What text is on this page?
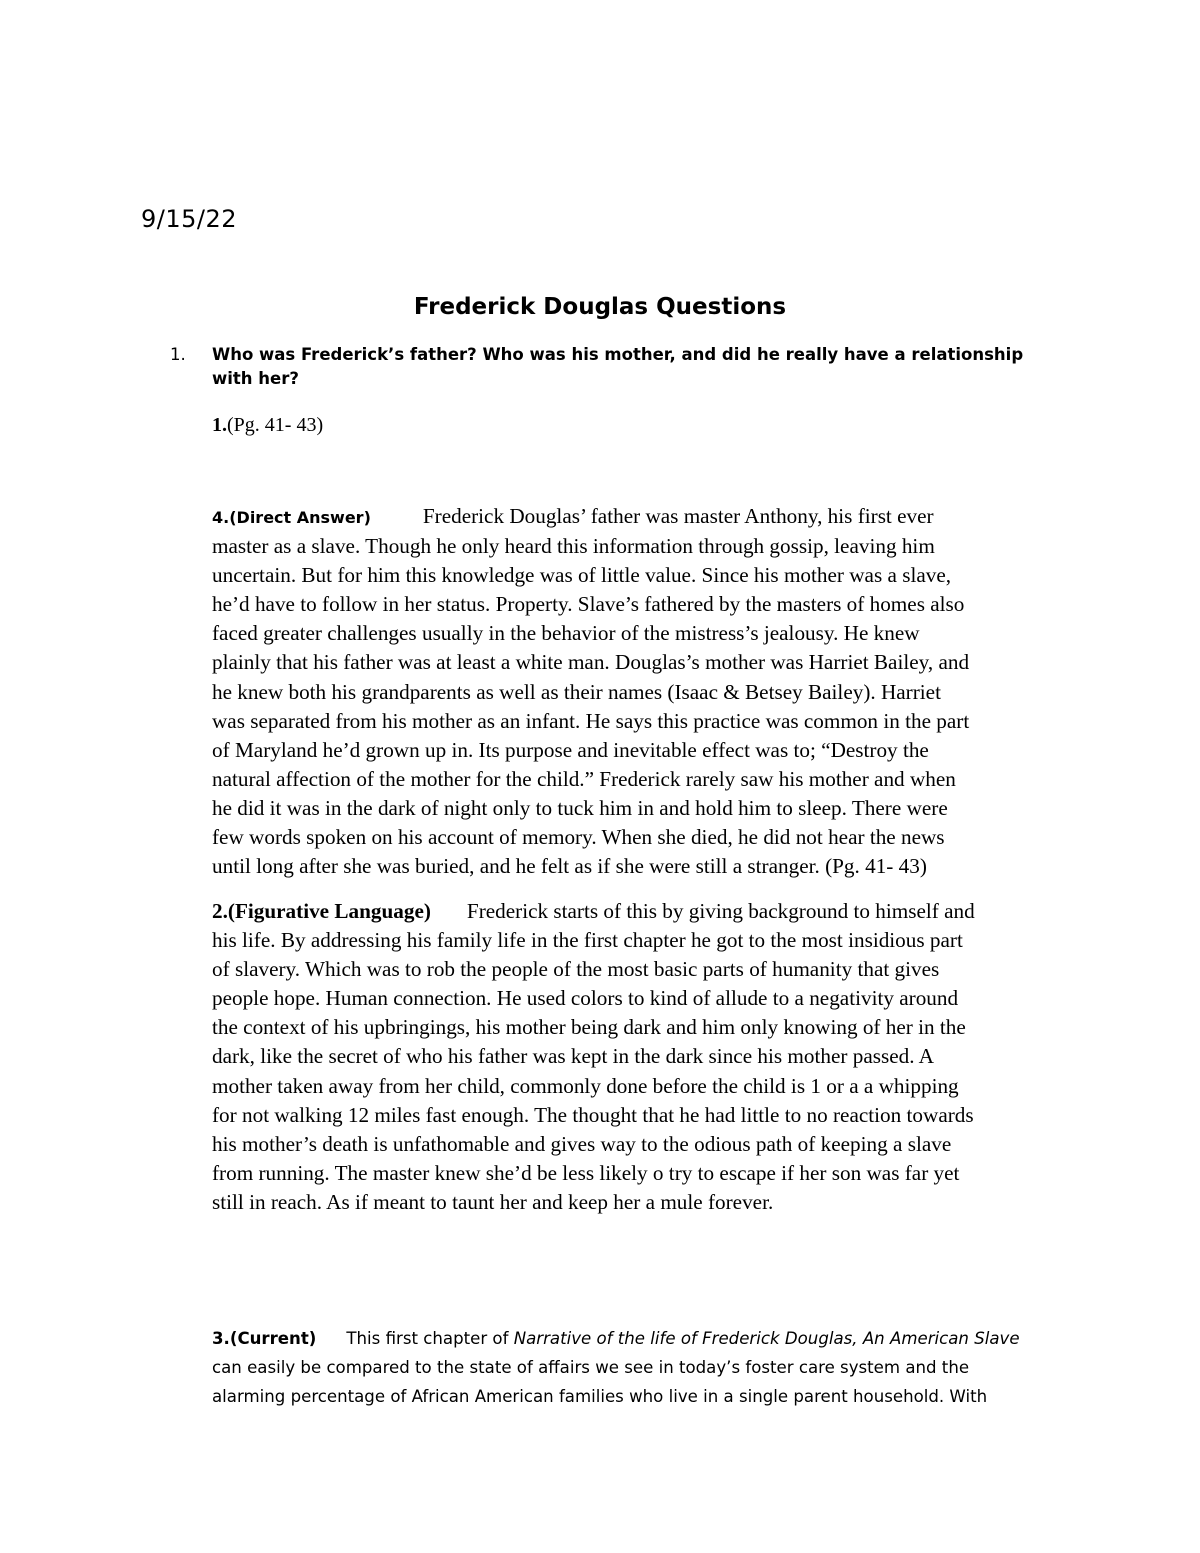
9/15/22
Frederick Douglas Questions
1. Who was Frederick’s father? Who was his mother, and did he really have a relationship with her?
1.(Pg. 41- 43)
4.(Direct Answer) Frederick Douglas’ father was master Anthony, his first ever
master as a slave. Though he only heard this information through gossip, leaving him
uncertain. But for him this knowledge was of little value. Since his mother was a slave,
he’d have to follow in her status. Property. Slave’s fathered by the masters of homes also
faced greater challenges usually in the behavior of the mistress’s jealousy. He knew
plainly that his father was at least a white man. Douglas’s mother was Harriet Bailey, and
he knew both his grandparents as well as their names (Isaac & Betsey Bailey). Harriet
was separated from his mother as an infant. He says this practice was common in the part
of Maryland he’d grown up in. Its purpose and inevitable effect was to; “Destroy the
natural affection of the mother for the child.” Frederick rarely saw his mother and when
he did it was in the dark of night only to tuck him in and hold him to sleep. There were
few words spoken on his account of memory. When she died, he did not hear the news
until long after she was buried, and he felt as if she were still a stranger. (Pg. 41- 43)
2.(Figurative Language) Frederick starts of this by giving background to himself and
his life. By addressing his family life in the first chapter he got to the most insidious part
of slavery. Which was to rob the people of the most basic parts of humanity that gives
people hope. Human connection. He used colors to kind of allude to a negativity around
the context of his upbringings, his mother being dark and him only knowing of her in the
dark, like the secret of who his father was kept in the dark since his mother passed. A
mother taken away from her child, commonly done before the child is 1 or a a whipping
for not walking 12 miles fast enough. The thought that he had little to no reaction towards
his mother’s death is unfathomable and gives way to the odious path of keeping a slave
from running. The master knew she’d be less likely o try to escape if her son was far yet
still in reach. As if meant to taunt her and keep her a mule forever.
3.(Current) This first chapter of Narrative of the life of Frederick Douglas, An American Slave
can easily be compared to the state of affairs we see in today’s foster care system and the
alarming percentage of African American families who live in a single parent household. With
